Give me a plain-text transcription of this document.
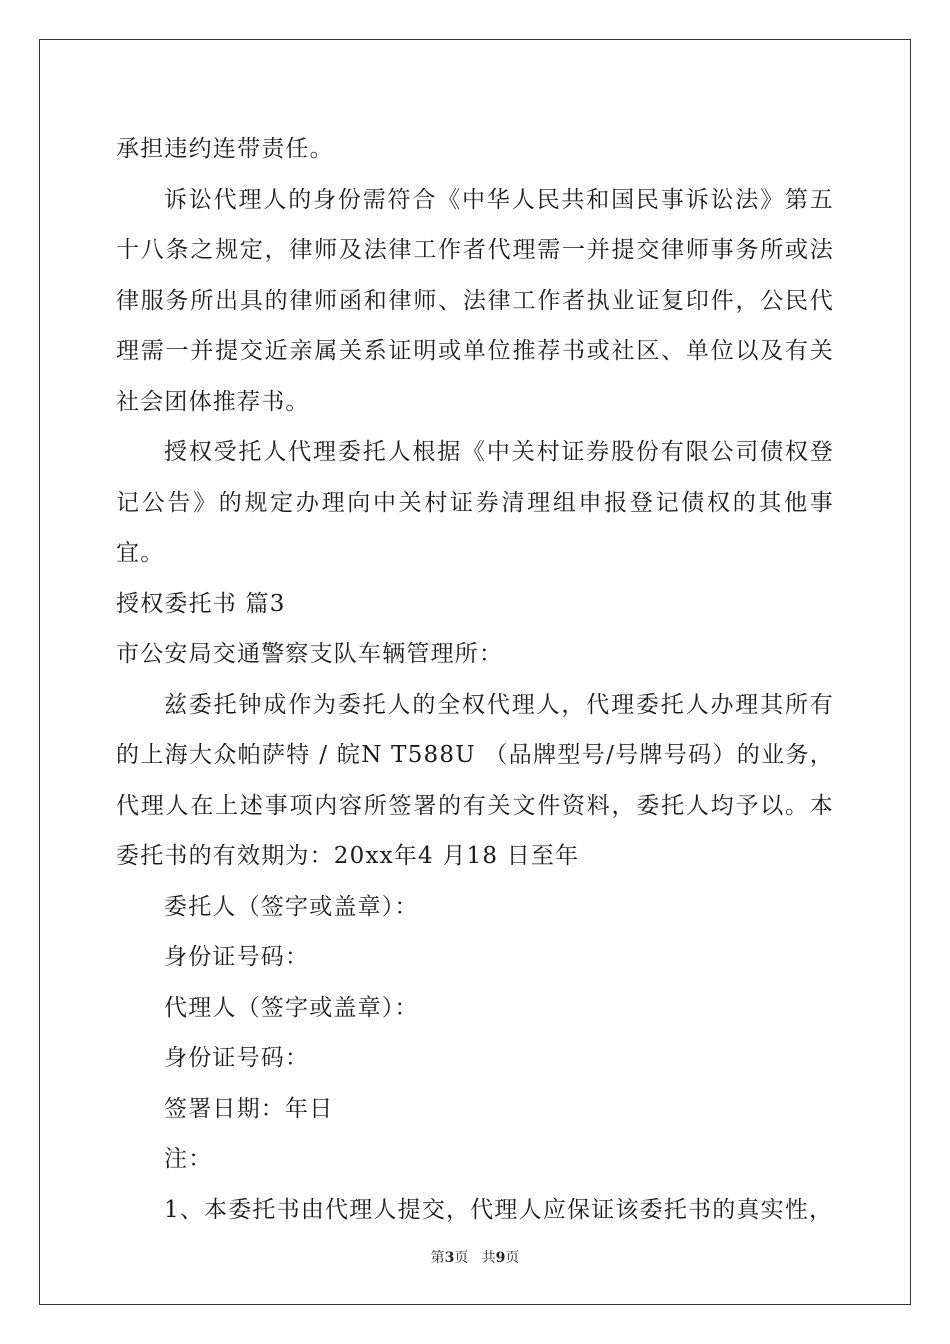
承担违约连带责任。

诉讼代理人的身份需符合《中华人民共和国民事诉讼法》第五十八条之规定，律师及法律工作者代理需一并提交律师事务所或法律服务所出具的律师函和律师、法律工作者执业证复印件，公民代理需一并提交近亲属关系证明或单位推荐书或社区、单位以及有关社会团体推荐书。

授权受托人代理委托人根据《中关村证券股份有限公司债权登记公告》的规定办理向中关村证券清理组申报登记债权的其他事宜。

授权委托书 篇3

市公安局交通警察支队车辆管理所：

兹委托钟成作为委托人的全权代理人，代理委托人办理其所有的上海大众帕萨特 / 皖N T588U （品牌型号/号牌号码）的业务，代理人在上述事项内容所签署的有关文件资料，委托人均予以。本委托书的有效期为：20xx年4 月18 日至年

委托人（签字或盖章）：

身份证号码：

代理人（签字或盖章）：

身份证号码：

签署日期：年日

注：

1、本委托书由代理人提交，代理人应保证该委托书的真实性，

第3页 共9页
